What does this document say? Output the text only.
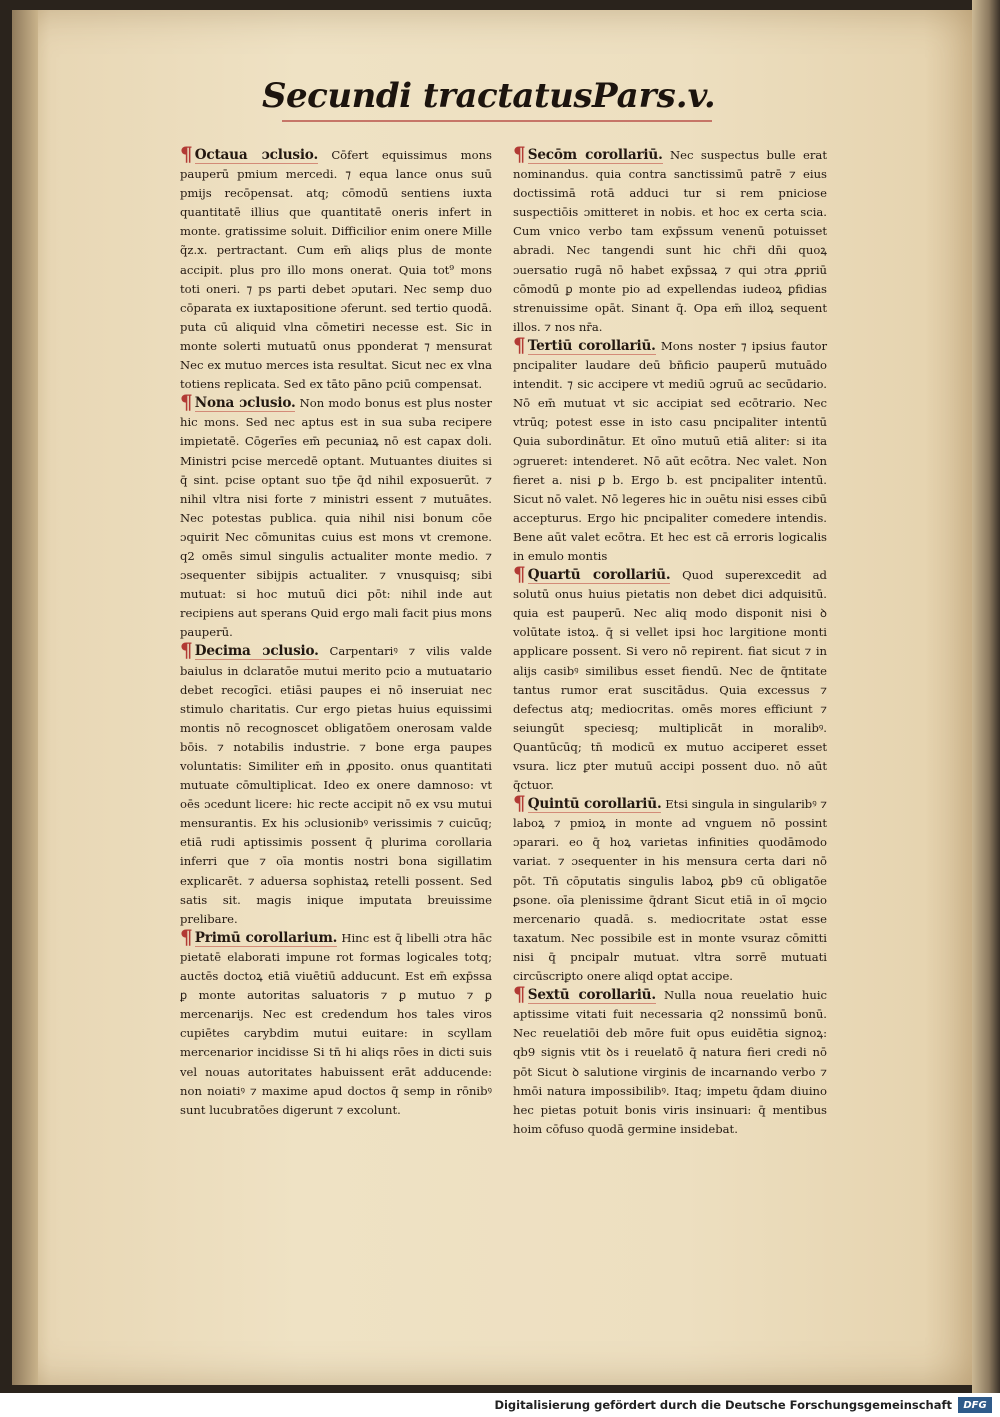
Secundi tractatus Pars.v.

¶ Octaua ɔclusio. Cōfert equissimus mons pauperū pmium mercedi. ⁊ equa lance onus suū pmijs recōpensat. atq; cōmodū sentiens iuxta quantitatē illius que quantitatē oneris infert in monte. gratissime soluit. Difficilior enim onere Mille q̃z.x. pertractant. Cum em̄ aliqs plus de monte accipit. plus pro illo mons onerat. Quia tot⁹ mons toti oneri. ⁊ ps parti debet ɔputari. Nec semp duo cōparata ex iuxtapositione ɔferunt. sed tertio quodā. puta cū aliquid vlna cōmetiri necesse est. Sic in monte solerti mutuatū onus pponderat ⁊ mensurat Nec ex mutuo merces ista resultat. Sicut nec ex vlna totiens replicata. Sed ex tāto pāno pciū compensat.

¶ Nona ɔclusio. Non modo bonus est plus noster hic mons. Sed nec aptus est in sua suba recipere impietatē. Cōgerīes em̄ pecuniaꝝ nō est capax doli. Ministri pcise mercedē optant. Mutuantes diuites si q̄ sint. pcise optant suo tp̄e q̄d nihil exposuerūt. ⁊ nihil vltra nisi forte ⁊ ministri essent ⁊ mutuātes. Nec potestas publica. quia nihil nisi bonum cōe ɔquirit Nec cōmunitas cuius est mons vt cremone. q2 omēs simul singulis actualiter monte medio. ⁊ ɔsequenter sibijpis actualiter. ⁊ vnusquisq; sibi mutuat: si hoc mutuū dici pōt: nihil inde aut recipiens aut sperans Quid ergo mali facit pius mons pauperū.

¶ Decima ɔclusio. Carpentariꝰ ⁊ vilis valde baiulus in dclaratōe mutui merito pcio a mutuatario debet recogīci. etiāsi paupes ei nō inseruiat nec stimulo charitatis. Cur ergo pietas huius equissimi montis nō recognoscet obligatōem onerosam valde bōis. ⁊ notabilis industrie. ⁊ bone erga paupes voluntatis: Similiter em̄ in ꝓposito. onus quantitati mutuate cōmultiplicat. Ideo ex onere damnoso: vt oēs ɔcedunt licere: hic recte accipit nō ex vsu mutui mensurantis. Ex his ɔclusionibꝰ verissimis ⁊ cuicūq; etiā rudi aptissimis possent q̄ plurima corollaria inferri que ⁊ oīa montis nostri bona sigillatim explicarēt. ⁊ aduersa sophistaꝝ retelli possent. Sed satis sit. magis inique imputata breuissime prelibare.

¶ Primū corollarium. Hinc est q̄ libelli ɔtra hāc pietatē elaborati impune rot formas logicales totq; auctēs doctoꝝ etiā viuētiū adducunt. Est em̄ exp̄ssa ꝑ monte autoritas saluatoris ⁊ ꝑ mutuo ⁊ ꝑ mercenarijs. Nec est credendum hos tales viros cupiētes carybdim mutui euitare: in scyllam mercenarior incidisse Si tn̄ hi aliqs rōes in dicti suis vel nouas autoritates habuissent erāt adducende: non noiatiꝰ ⁊ maxime apud doctos q̄ semp in rōnibꝰ sunt lucubratōes digerunt ⁊ excolunt.

¶ Secōm corollariū. Nec suspectus bulle erat nominandus. quia contra sanctissimū patrē ⁊ eius doctissimā rotā adduci tur si rem pniciose suspectiōis ɔmitteret in nobis. et hoc ex certa scia. Cum vnico verbo tam exp̄ssum venenū potuisset abradi. Nec tangendi sunt hic chr̄i dn̄i quoꝝ ɔuersatio rugā nō habet exp̄ssaꝝ ⁊ qui ɔtra ꝓpriū cōmodū ꝑ monte pio ad expellendas iudeoꝝ ꝑfidias strenuissime opāt. Sinant q̄. Opa em̄ illoꝝ sequent illos. ⁊ nos nr̄a.

¶ Tertiū corollariū. Mons noster ⁊ ipsius fautor pncipaliter laudare deū bn̄ficio pauperū mutuādo intendit. ⁊ sic accipere vt mediū ɔgruū ac secūdario. Nō em̄ mutuat vt sic accipiat sed ecōtrario. Nec vtrūq; potest esse in isto casu pncipaliter intentū Quia subordinātur. Et oīno mutuū etiā aliter: si ita ɔgrueret: intenderet. Nō aūt ecōtra. Nec valet. Non fieret a. nisi ꝑ b. Ergo b. est pncipaliter intentū. Sicut nō valet. Nō legeres hic in ɔuētu nisi esses cibū accepturus. Ergo hic pncipaliter comedere intendis. Bene aūt valet ecōtra. Et hec est cā erroris logicalis in emulo montis

¶ Quartū corollariū. Quod superexcedit ad solutū onus huius pietatis non debet dici adquisitū. quia est pauperū. Nec aliq modo disponit nisi ꝺ volūtate istoꝝ. q̄ si vellet ipsi hoc largitione monti applicare possent. Si vero nō repirent. fiat sicut ⁊ in alijs casibꝰ similibus esset fiendū. Nec de q̄ntitate tantus rumor erat suscitādus. Quia excessus ⁊ defectus atq; mediocritas. omēs mores efficiunt ⁊ seiungūt speciesq; multiplicāt in moralibꝰ. Quantūcūq; tn̄ modicū ex mutuo acciperet esset vsura. licz ꝑter mutuū accipi possent duo. nō aūt q̄ctuor.

¶ Quintū corollariū. Etsi singula in singularibꝰ ⁊ laboꝝ ⁊ pmioꝝ in monte ad vnguem nō possint ɔparari. eo q̄ hoꝝ varietas infinities quodāmodo variat. ⁊ ɔsequenter in his mensura certa dari nō pōt. Tn̄ cōputatis singulis laboꝝ ꝑb9 cū obligatōe ꝑsone. oīa plenissime q̄drant Sicut etiā in oī mꝯcio mercenario quadā. s. mediocritate ɔstat esse taxatum. Nec possibile est in monte vsuraz cōmitti nisi q̄ pncipalr mutuat. vltra sorrē mutuati circūscriꝑto onere aliqd optat accipe.

¶ Sextū corollariū. Nulla noua reuelatio huic aptissime vitati fuit necessaria q2 nonssimū bonū. Nec reuelatiōi deb mōre fuit opus euidētia signoꝝ: qb9 signis vtit ꝺs i reuelatō q̄ natura fieri credi nō pōt Sicut ꝺ salutione virginis de incarnando verbo ⁊ hmōi natura impossibilibꝰ. Itaq; impetu q̄dam diuino hec pietas potuit bonis viris insinuari: q̄ mentibus hoim cōfuso quodā germine insidebat.

Digitalisierung gefördert durch die Deutsche Forschungsgemeinschaft	DFG
